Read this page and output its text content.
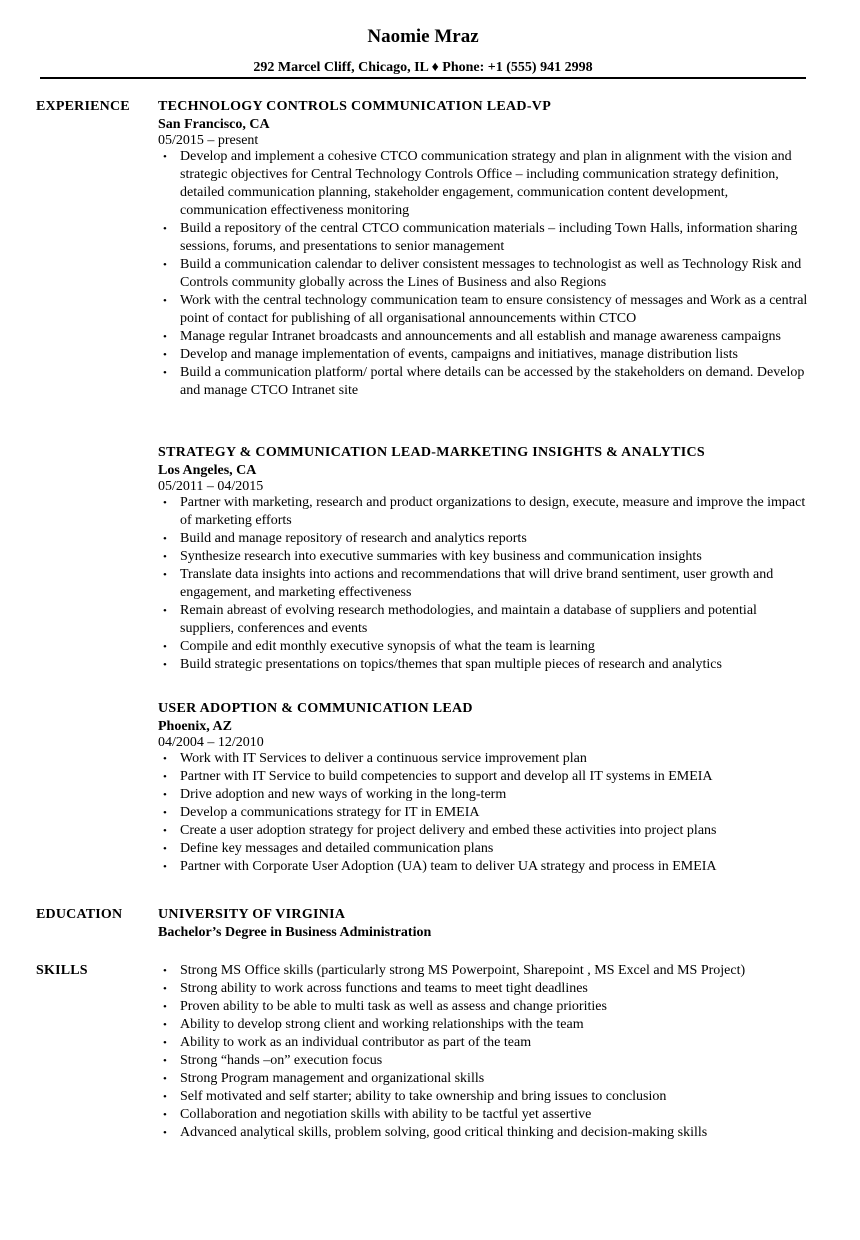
Naomie Mraz
292 Marcel Cliff, Chicago, IL ♦ Phone: +1 (555) 941 2998
EXPERIENCE TECHNOLOGY CONTROLS COMMUNICATION LEAD-VP
San Francisco, CA
05/2015 – present
• Develop and implement a cohesive CTCO communication strategy and plan in alignment with the vision and strategic objectives for Central Technology Controls Office – including communication strategy definition, detailed communication planning, stakeholder engagement, communication content development, communication effectiveness monitoring
• Build a repository of the central CTCO communication materials – including Town Halls, information sharing sessions, forums, and presentations to senior management
• Build a communication calendar to deliver consistent messages to technologist as well as Technology Risk and Controls community globally across the Lines of Business and also Regions
• Work with the central technology communication team to ensure consistency of messages and Work as a central point of contact for publishing of all organisational announcements within CTCO
• Manage regular Intranet broadcasts and announcements and all establish and manage awareness campaigns
• Develop and manage implementation of events, campaigns and initiatives, manage distribution lists
• Build a communication platform/ portal where details can be accessed by the stakeholders on demand. Develop and manage CTCO Intranet site
STRATEGY & COMMUNICATION LEAD-MARKETING INSIGHTS & ANALYTICS
Los Angeles, CA
05/2011 – 04/2015
• Partner with marketing, research and product organizations to design, execute, measure and improve the impact of marketing efforts
• Build and manage repository of research and analytics reports
• Synthesize research into executive summaries with key business and communication insights
• Translate data insights into actions and recommendations that will drive brand sentiment, user growth and engagement, and marketing effectiveness
• Remain abreast of evolving research methodologies, and maintain a database of suppliers and potential suppliers, conferences and events
• Compile and edit monthly executive synopsis of what the team is learning
• Build strategic presentations on topics/themes that span multiple pieces of research and analytics
USER ADOPTION & COMMUNICATION LEAD
Phoenix, AZ
04/2004 – 12/2010
• Work with IT Services to deliver a continuous service improvement plan
• Partner with IT Service to build competencies to support and develop all IT systems in EMEIA
• Drive adoption and new ways of working in the long-term
• Develop a communications strategy for IT in EMEIA
• Create a user adoption strategy for project delivery and embed these activities into project plans
• Define key messages and detailed communication plans
• Partner with Corporate User Adoption (UA) team to deliver UA strategy and process in EMEIA
EDUCATION	UNIVERSITY OF VIRGINIA
Bachelor’s Degree in Business Administration
SKILLS	• Strong MS Office skills (particularly strong MS Powerpoint, Sharepoint , MS Excel and MS Project)
• Strong ability to work across functions and teams to meet tight deadlines
• Proven ability to be able to multi task as well as assess and change priorities
• Ability to develop strong client and working relationships with the team
• Ability to work as an individual contributor as part of the team
• Strong “hands –on” execution focus
• Strong Program management and organizational skills
• Self motivated and self starter; ability to take ownership and bring issues to conclusion
• Collaboration and negotiation skills with ability to be tactful yet assertive
• Advanced analytical skills, problem solving, good critical thinking and decision-making skills
